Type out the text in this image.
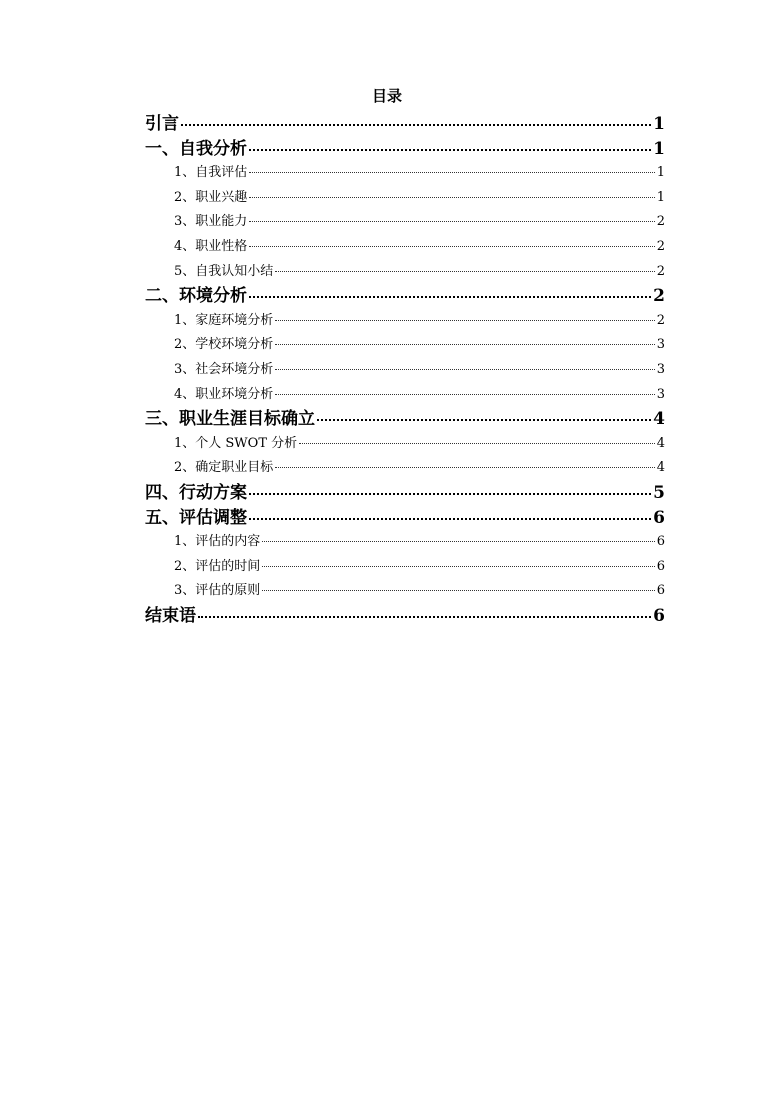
目录
引言	1
一、自我分析	1
1、自我评估	1
2、职业兴趣	1
3、职业能力	2
4、职业性格	2
5、自我认知小结	2
二、环境分析	2
1、家庭环境分析	2
2、学校环境分析	3
3、社会环境分析	3
4、职业环境分析	3
三、职业生涯目标确立	4
1、个人 SWOT 分析	4
2、确定职业目标	4
四、行动方案	5
五、评估调整	6
1、评估的内容	6
2、评估的时间	6
3、评估的原则	6
结束语	6
